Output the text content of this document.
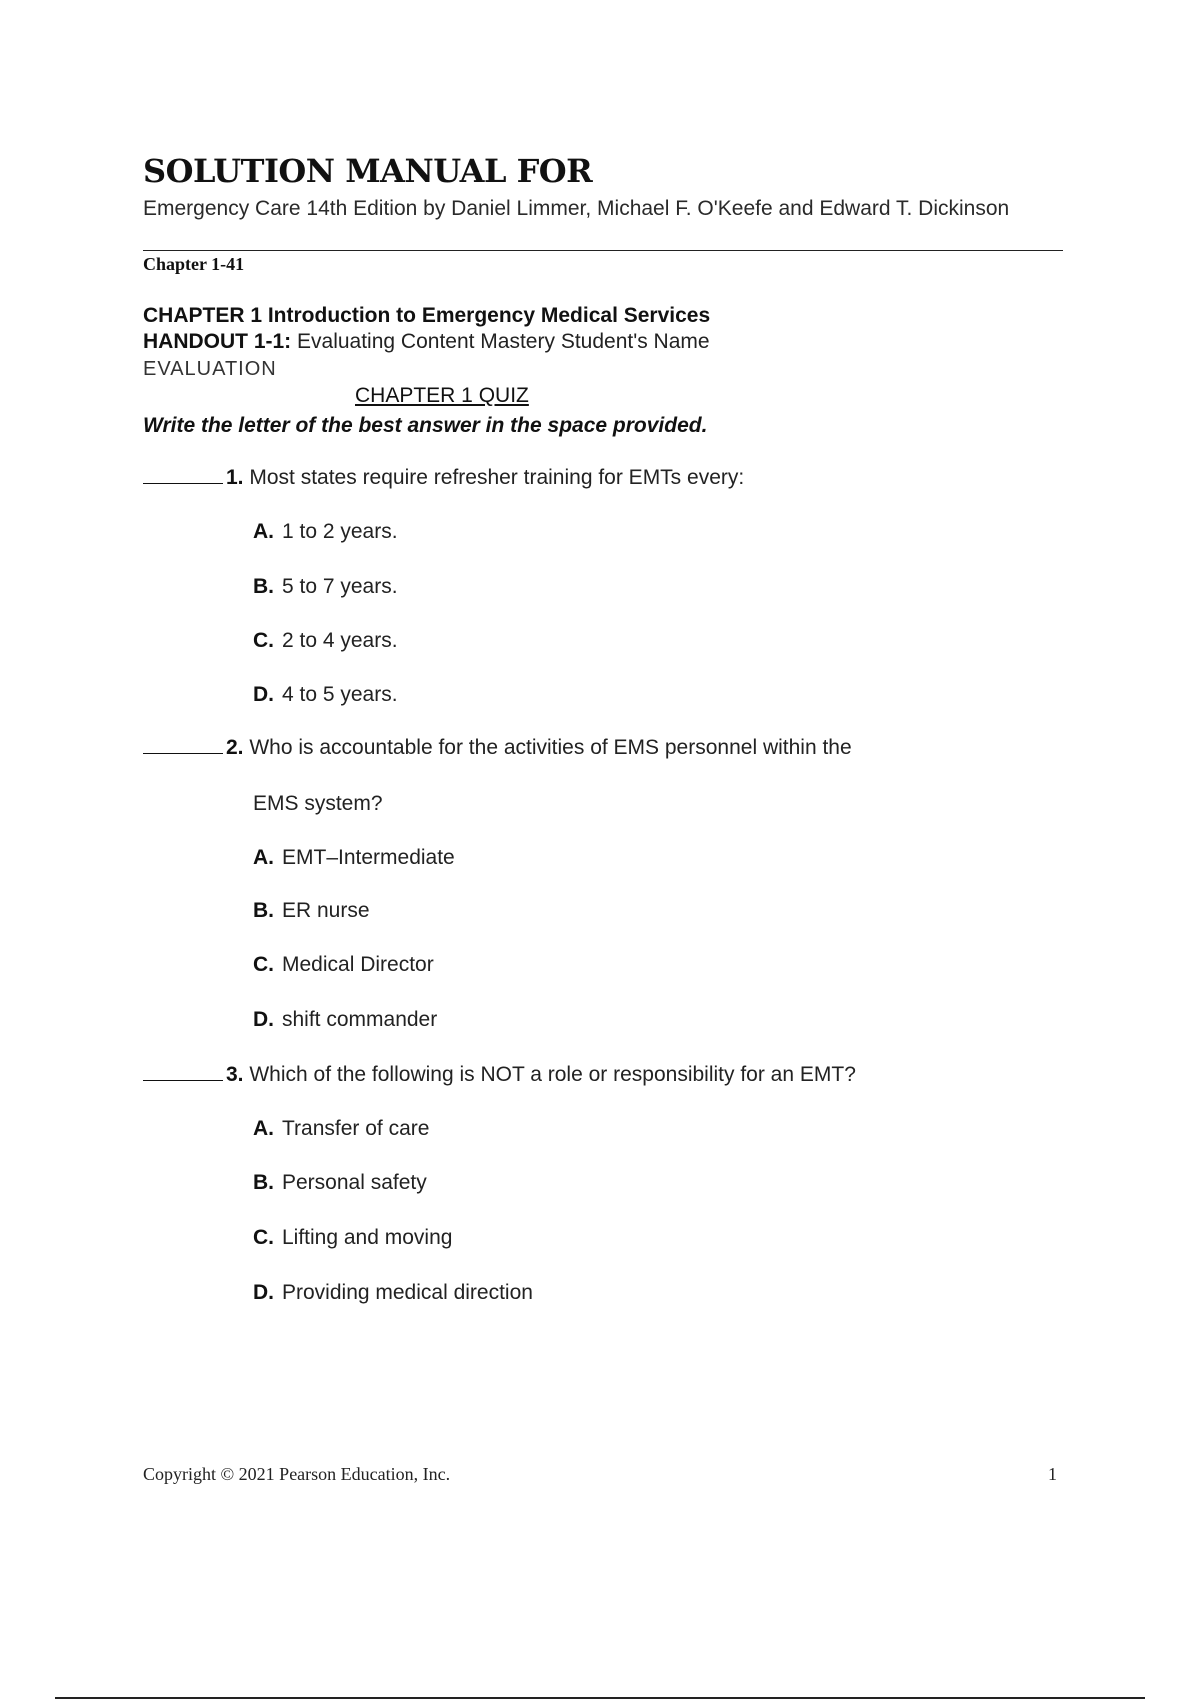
SOLUTION MANUAL FOR
Emergency Care 14th Edition by Daniel Limmer, Michael F. O'Keefe and Edward T. Dickinson
Chapter 1-41
CHAPTER 1 Introduction to Emergency Medical Services
HANDOUT 1-1: Evaluating Content Mastery Student's Name
EVALUATION
CHAPTER 1 QUIZ
Write the letter of the best answer in the space provided.
1. Most states require refresher training for EMTs every:
A. 1 to 2 years.
B. 5 to 7 years.
C. 2 to 4 years.
D. 4 to 5 years.
2. Who is accountable for the activities of EMS personnel within the
EMS system?
A. EMT–Intermediate
B. ER nurse
C. Medical Director
D. shift commander
3. Which of the following is NOT a role or responsibility for an EMT?
A. Transfer of care
B. Personal safety
C. Lifting and moving
D. Providing medical direction
Copyright © 2021 Pearson Education, Inc.	1
